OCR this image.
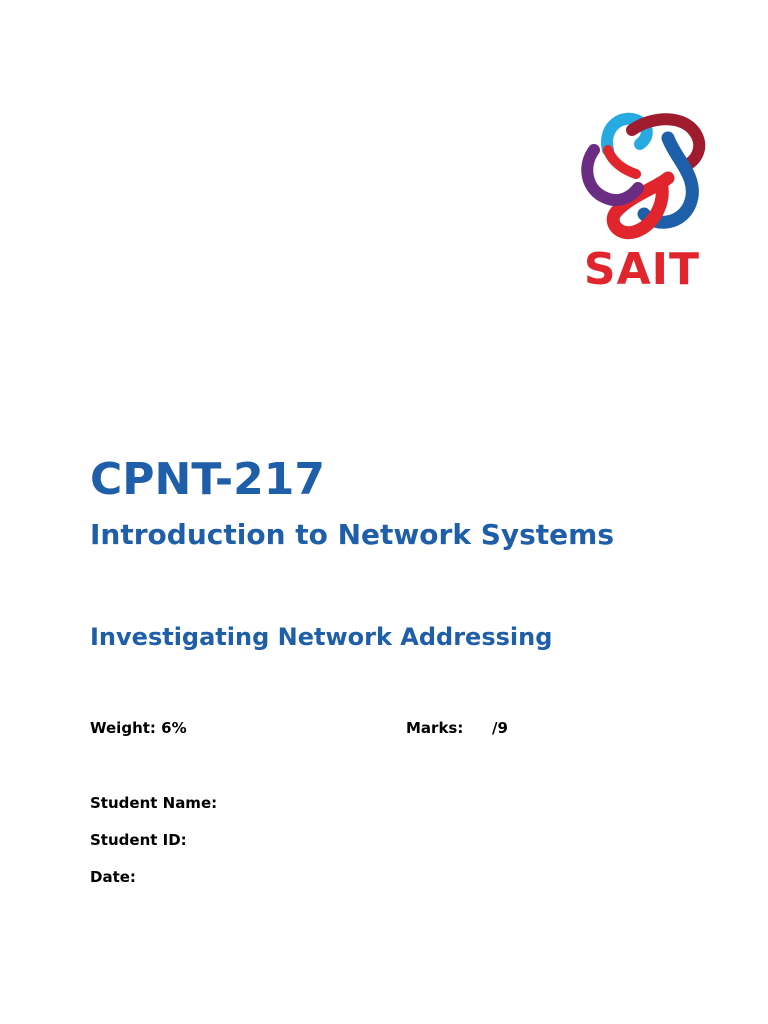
SAIT
CPNT-217
Introduction to Network Systems
Investigating Network Addressing
Weight: 6%	Marks: /9
Student Name:
Student ID:
Date:
